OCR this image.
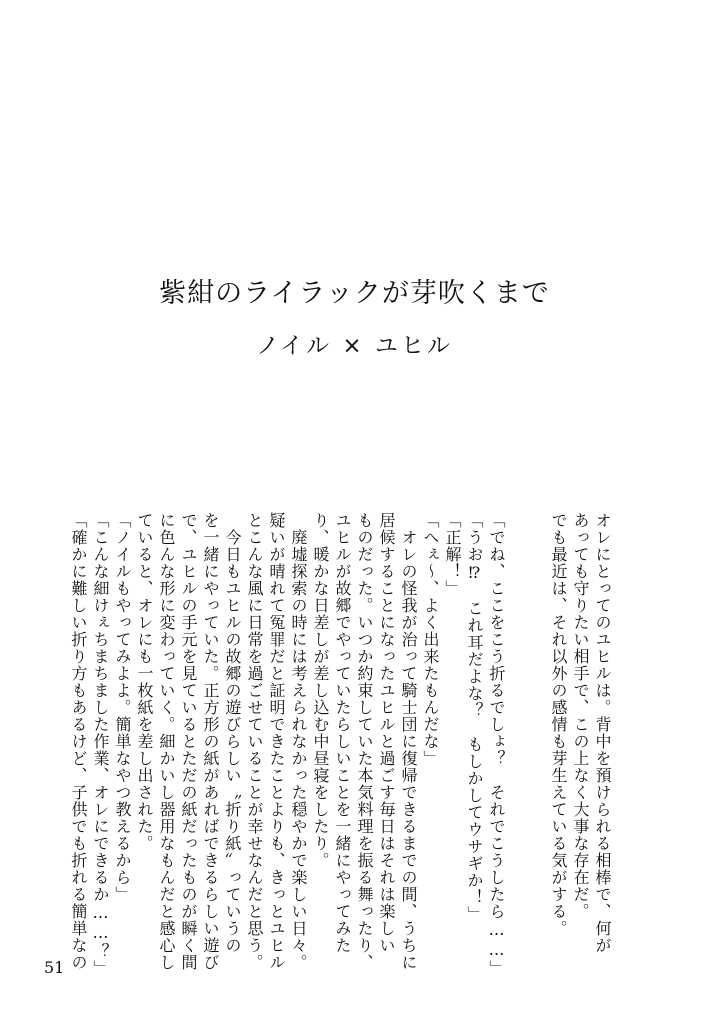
紫紺のライラックが芽吹くまで
ノイル × ユヒル
オレにとってのユヒルは。背中を預けられる相棒で、何が
あっても守りたい相手で、この上なく大事な存在だ。
でも最近は、それ以外の感情も芽生えている気がする。
「でね、ここをこう折るでしょ？　それでこうしたら……」
「うお⁉　これ耳だよな？　もしかしてウサギか！」
「正解！」
「へぇ～、よく出来たもんだな」
　オレの怪我が治って騎士団に復帰できるまでの間、うちに
居候することになったユヒルと過ごす毎日はそれは楽しい
ものだった。いつか約束していた本気料理を振る舞ったり、
ユヒルが故郷でやっていたらしいことを一緒にやってみた
り、暖かな日差しが差し込む中昼寝をしたり。
　廃墟探索の時には考えられなかった穏やかで楽しい日々。
疑いが晴れて冤罪だと証明できたことよりも、きっとユヒル
とこんな風に日常を過ごせていることが幸せなんだと思う。
　今日もユヒルの故郷の遊びらしい〝折り紙〟っていうの
を一緒にやっていた。正方形の紙があればできるらしい遊び
で、ユヒルの手元を見ているとただの紙だったものが瞬く間
に色んな形に変わっていく。細かいし器用なもんだと感心し
ていると、オレにも一枚紙を差し出された。
「ノイルもやってみよよ。簡単なやつ教えるから」
「こんな細けぇちまちました作業、オレにできるか……？」
「確かに難しい折り方もあるけど、子供でも折れる簡単なの
51
